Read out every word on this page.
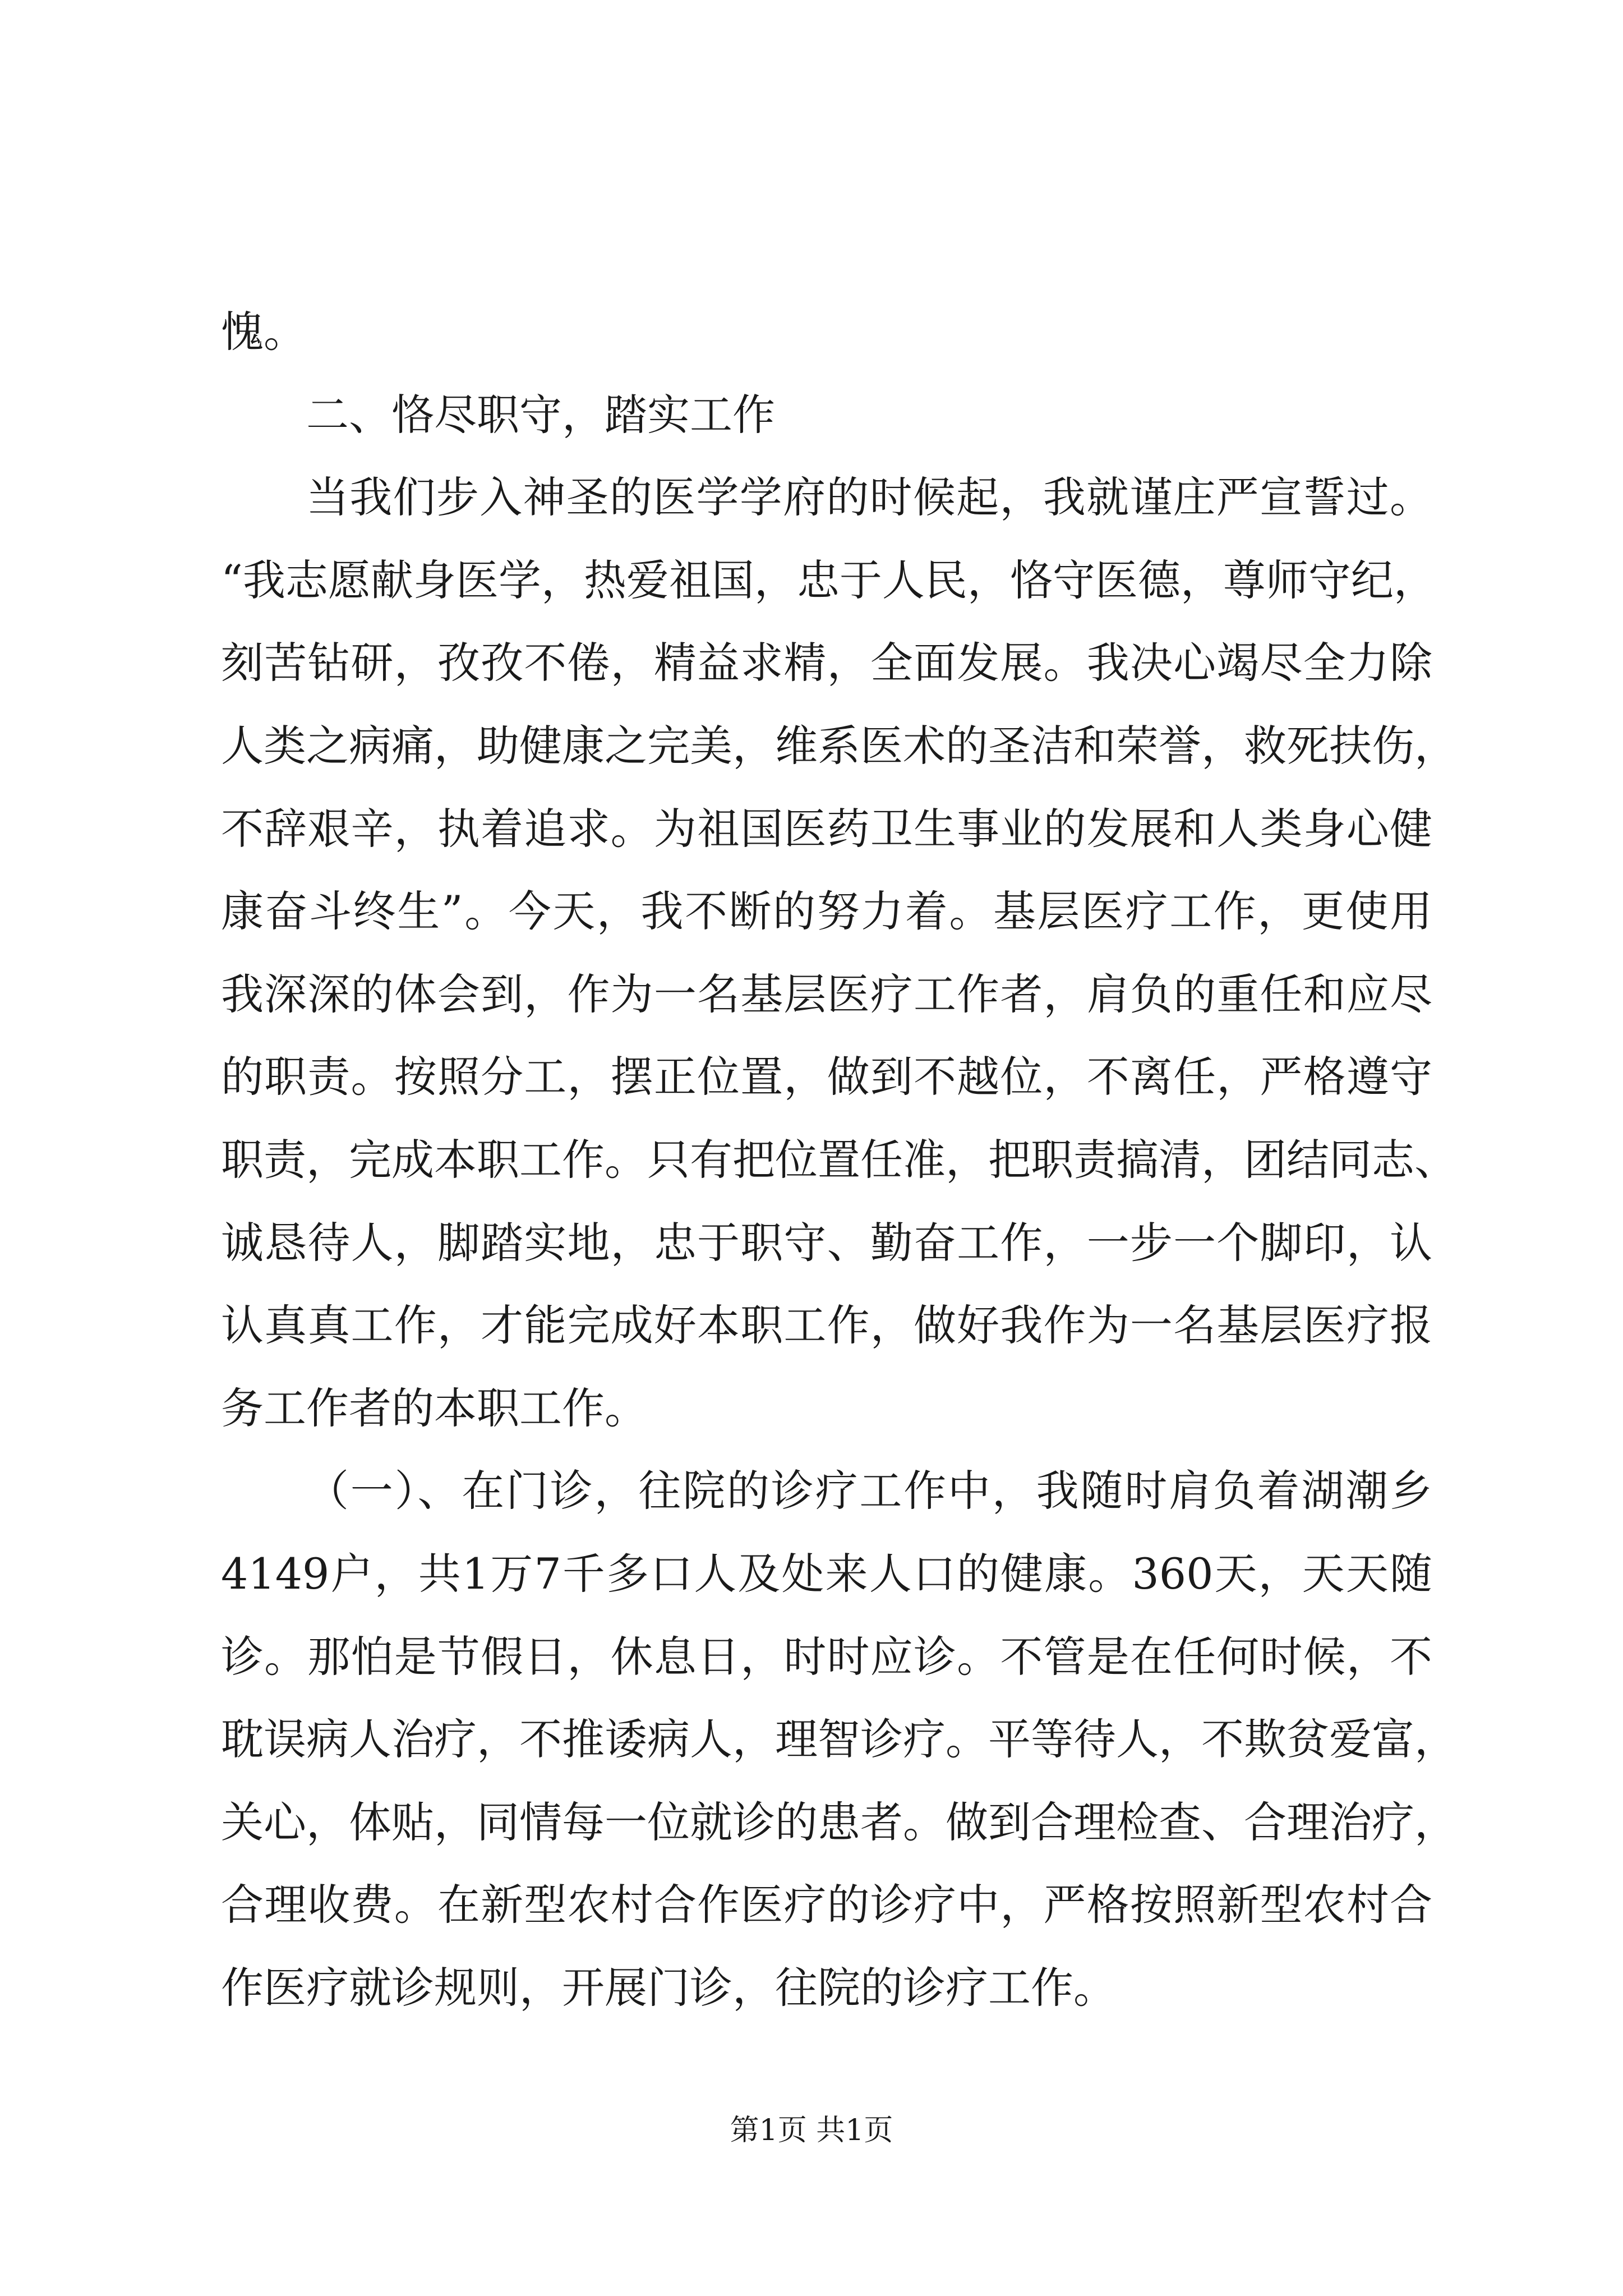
愧。
二、恪尽职守，踏实工作
当我们步入神圣的医学学府的时候起，我就谨庄严宣誓过。
“我志愿献身医学，热爱祖国，忠于人民，恪守医德，尊师守纪，
刻苦钻研，孜孜不倦，精益求精，全面发展。我决心竭尽全力除
人类之病痛，助健康之完美，维系医术的圣洁和荣誉，救死扶伤，
不辞艰辛，执着追求。为祖国医药卫生事业的发展和人类身心健
康奋斗终生”。今天，我不断的努力着。基层医疗工作，更使用
我深深的体会到，作为一名基层医疗工作者，肩负的重任和应尽
的职责。按照分工，摆正位置，做到不越位，不离任，严格遵守
职责，完成本职工作。只有把位置任准，把职责搞清，团结同志、
诚恳待人，脚踏实地，忠于职守、勤奋工作，一步一个脚印，认
认真真工作，才能完成好本职工作，做好我作为一名基层医疗报
务工作者的本职工作。
（一）、在门诊，往院的诊疗工作中，我随时肩负着湖潮乡
4149户，共1万7千多口人及处来人口的健康。360天，天天随
诊。那怕是节假日，休息日，时时应诊。不管是在任何时候，不
耽误病人治疗，不推诿病人，理智诊疗。平等待人，不欺贫爱富，
关心，体贴，同情每一位就诊的患者。做到合理检查、合理治疗，
合理收费。在新型农村合作医疗的诊疗中，严格按照新型农村合
作医疗就诊规则，开展门诊，往院的诊疗工作。
第1页 共1页
